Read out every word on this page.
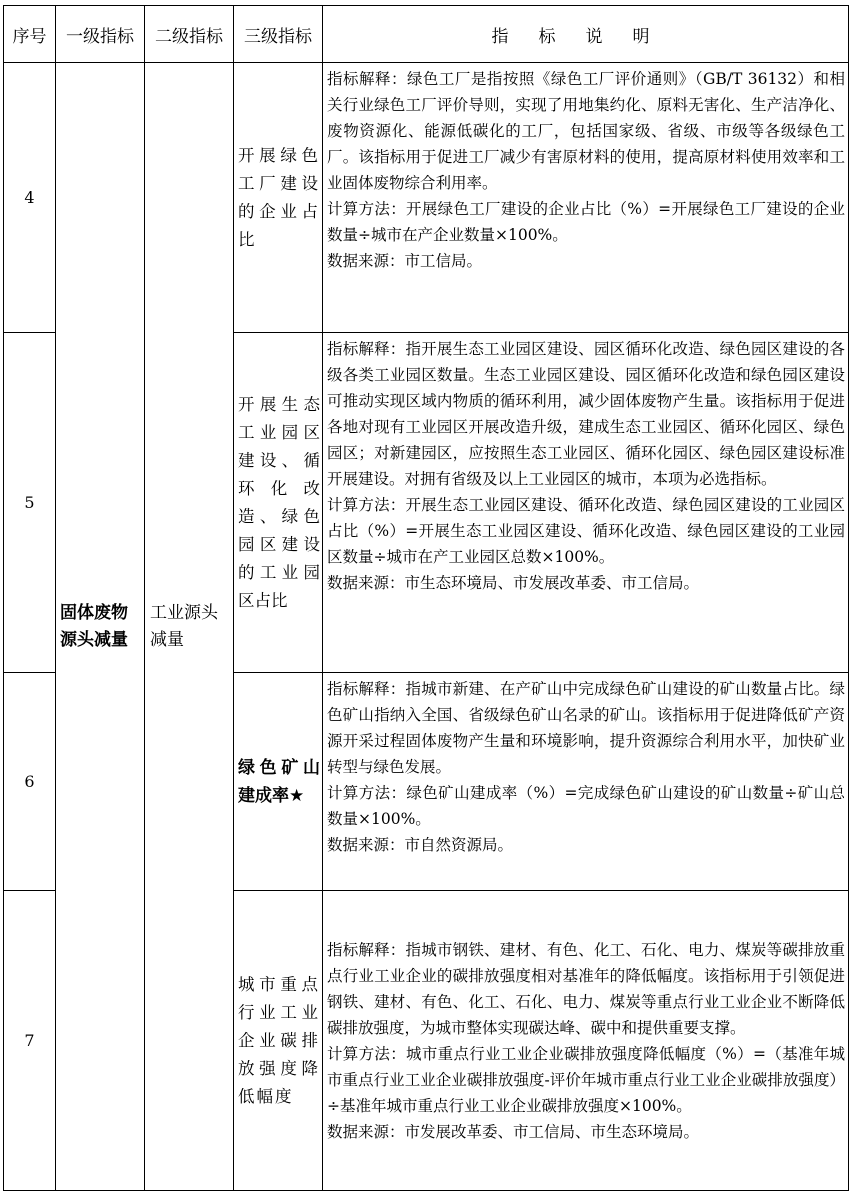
序号	一级指标	二级指标	三级指标	指标说明
4	固体废物源头减量	工业源头减量	开展绿色工厂建设的企业占比	指标解释：绿色工厂是指按照《绿色工厂评价通则》（GB/T 36132）和相关行业绿色工厂评价导则，实现了用地集约化、原料无害化、生产洁净化、废物资源化、能源低碳化的工厂，包括国家级、省级、市级等各级绿色工厂。该指标用于促进工厂减少有害原材料的使用，提高原材料使用效率和工业固体废物综合利用率。

计算方法：开展绿色工厂建设的企业占比（%）=开展绿色工厂建设的企业数量÷城市在产企业数量×100%。

数据来源：市工信局。

5			开展生态工业园区建设、循环化改造、绿色园区建设的工业园区占比	指标解释：指开展生态工业园区建设、园区循环化改造、绿色园区建设的各级各类工业园区数量。生态工业园区建设、园区循环化改造和绿色园区建设可推动实现区域内物质的循环利用，减少固体废物产生量。该指标用于促进各地对现有工业园区开展改造升级，建成生态工业园区、循环化园区、绿色园区；对新建园区，应按照生态工业园区、循环化园区、绿色园区建设标准开展建设。对拥有省级及以上工业园区的城市，本项为必选指标。

计算方法：开展生态工业园区建设、循环化改造、绿色园区建设的工业园区占比（%）=开展生态工业园区建设、循环化改造、绿色园区建设的工业园区数量÷城市在产工业园区总数×100%。

数据来源：市生态环境局、市发展改革委、市工信局。

6			绿色矿山建成率★	指标解释：指城市新建、在产矿山中完成绿色矿山建设的矿山数量占比。绿色矿山指纳入全国、省级绿色矿山名录的矿山。该指标用于促进降低矿产资源开采过程固体废物产生量和环境影响，提升资源综合利用水平，加快矿业转型与绿色发展。

计算方法：绿色矿山建成率（%）=完成绿色矿山建设的矿山数量÷矿山总数量×100%。

数据来源：市自然资源局。

7			城市重点行业工业企业碳排放强度降低幅度	指标解释：指城市钢铁、建材、有色、化工、石化、电力、煤炭等碳排放重点行业工业企业的碳排放强度相对基准年的降低幅度。该指标用于引领促进钢铁、建材、有色、化工、石化、电力、煤炭等重点行业工业企业不断降低碳排放强度，为城市整体实现碳达峰、碳中和提供重要支撑。

计算方法：城市重点行业工业企业碳排放强度降低幅度（%）=（基准年城市重点行业工业企业碳排放强度-评价年城市重点行业工业企业碳排放强度）÷基准年城市重点行业工业企业碳排放强度×100%。

数据来源：市发展改革委、市工信局、市生态环境局。
